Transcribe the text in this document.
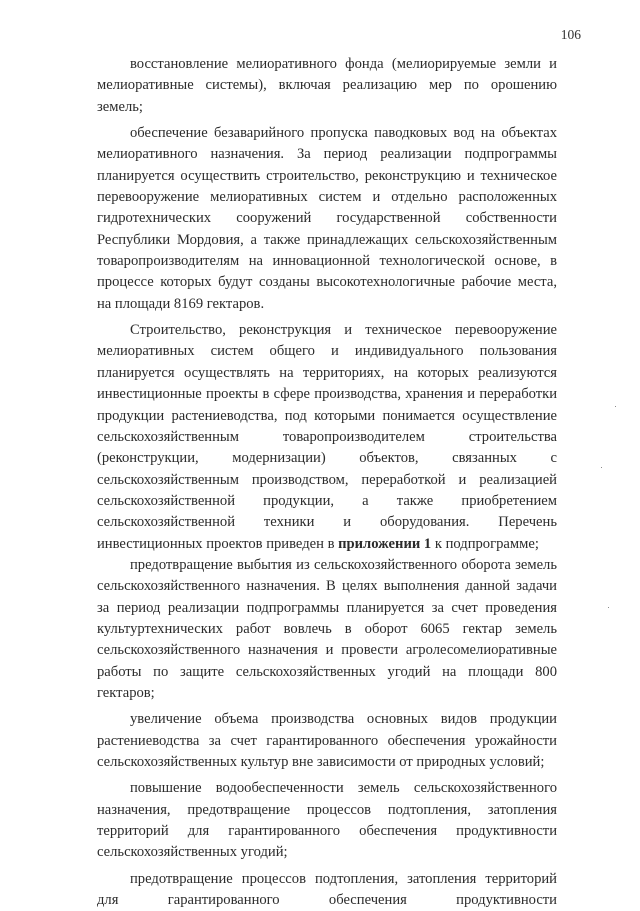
106

восстановление мелиоративного фонда (мелиорируемые земли и мелиоративные системы), включая реализацию мер по орошению земель;

обеспечение безаварийного пропуска паводковых вод на объектах мелиоративного назначения. За период реализации подпрограммы планируется осуществить строительство, реконструкцию и техническое перевооружение мелиоративных систем и отдельно расположенных гидротехнических сооружений государственной собственности Республики Мордовия, а также принадлежащих сельскохозяйственным товаропроизводителям на инновационной технологической основе, в процессе которых будут созданы высокотехнологичные рабочие места, на площади 8169 гектаров.

Строительство, реконструкция и техническое перевооружение мелиоративных систем общего и индивидуального пользования планируется осуществлять на территориях, на которых реализуются инвестиционные проекты в сфере производства, хранения и переработки продукции растениеводства, под которыми понимается осуществление сельскохозяйственным товаропроизводителем строительства (реконструкции, модернизации) объектов, связанных с сельскохозяйственным производством, переработкой и реализацией сельскохозяйственной продукции, а также приобретением сельскохозяйственной техники и оборудования. Перечень инвестиционных проектов приведен в приложении 1 к подпрограмме;

предотвращение выбытия из сельскохозяйственного оборота земель сельскохозяйственного назначения. В целях выполнения данной задачи за период реализации подпрограммы планируется за счет проведения культуртехнических работ вовлечь в оборот 6065 гектар земель сельскохозяйственного назначения и провести агролесомелиоративные работы по защите сельскохозяйственных угодий на площади 800 гектаров;

увеличение объема производства основных видов продукции растениеводства за счет гарантированного обеспечения урожайности сельскохозяйственных культур вне зависимости от природных условий;

повышение водообеспеченности земель сельскохозяйственного назначения, предотвращение процессов подтопления, затопления территорий для гарантированного обеспечения продуктивности сельскохозяйственных угодий;

предотвращение процессов подтопления, затопления территорий для гарантированного обеспечения продуктивности
